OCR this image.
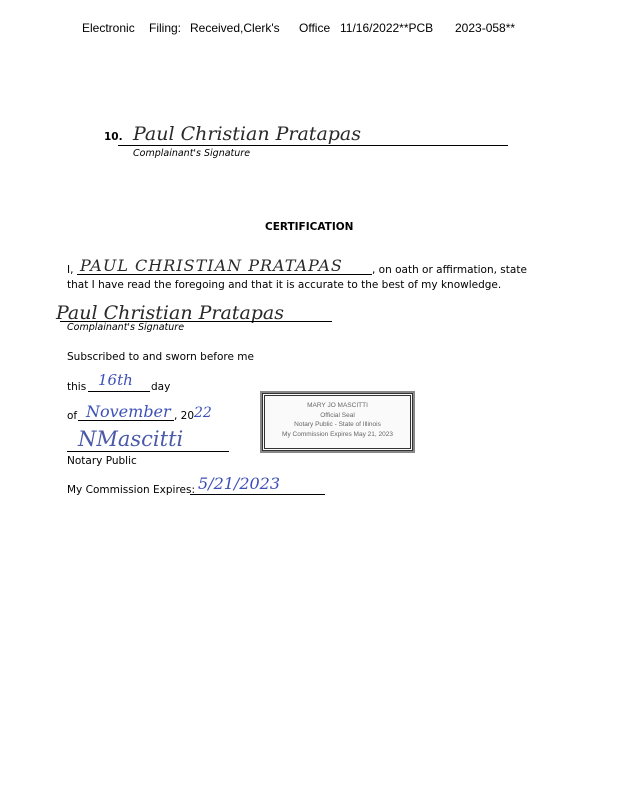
Electronic Filing: Received,Clerk's Office 11/16/2022**PCB 2023-058**
10. Paul Christian Pratapas
Complainant's Signature
CERTIFICATION
I, PAUL CHRISTIAN PRATAPAS	, on oath or affirmation, state
that I have read the foregoing and that it is accurate to the best of my knowledge.
Paul Christian Pratapas
Complainant's Signature
Subscribed to and sworn before me
this 16th day
of November , 20 22
NMascitti
Notary Public
My Commission Expires: 5/21/2023
MARY JO MASCITTI
Official Seal
Notary Public - State of Illinois
My Commission Expires May 21, 2023
